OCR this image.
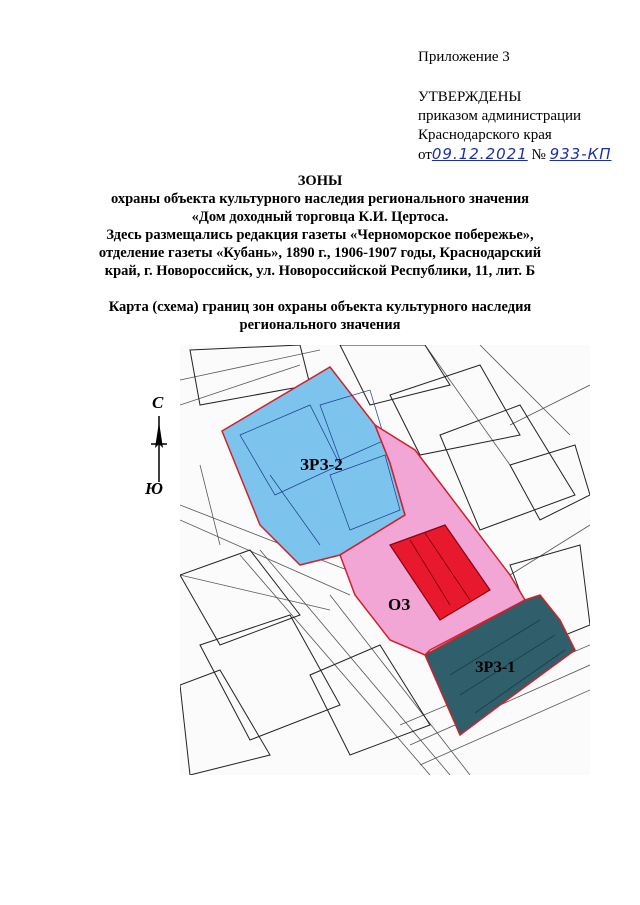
Приложение 3
УТВЕРЖДЕНЫ
приказом администрации
Краснодарского края
от09.12.2021 № 933-КП
ЗОНЫ
охраны объекта культурного наследия регионального значения
«Дом доходный торговца К.И. Цертоса.
Здесь размещались редакция газеты «Черноморское побережье»,
отделение газеты «Кубань», 1890 г., 1906-1907 годы, Краснодарский
край, г. Новороссийск, ул. Новороссийской Республики, 11, лит. Б
Карта (схема) границ зон охраны объекта культурного наследия
регионального значения
С
Ю
ЗРЗ-2
ОЗ
ЗРЗ-1
